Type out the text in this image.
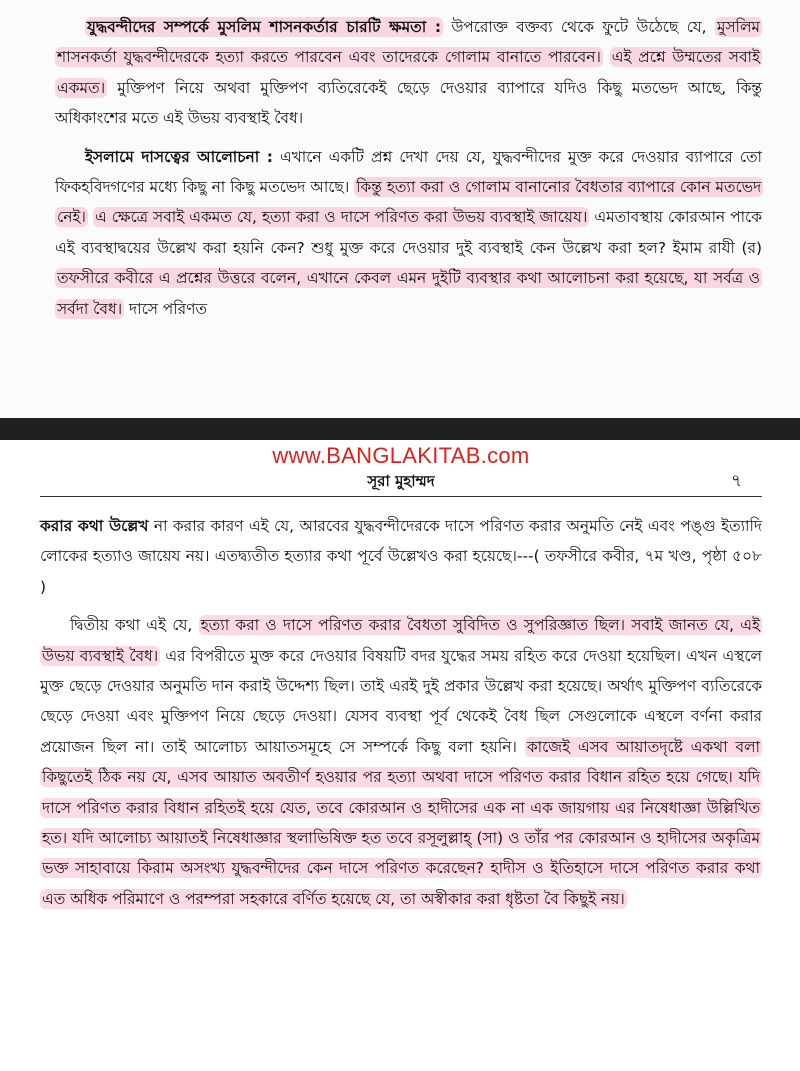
যুদ্ধবন্দীদের সম্পর্কে মুসলিম শাসনকর্তার চারটি ক্ষমতা : উপরোক্ত বক্তব্য থেকে ফুটে উঠেছে যে, মুসলিম শাসনকর্তা যুদ্ধবন্দীদেরকে হত্যা করতে পারবেন এবং তাদেরকে গোলাম বানাতে পারবেন। এই প্রশ্নে উম্মতের সবাই একমত। মুক্তিপণ নিয়ে অথবা মুক্তিপণ ব্যতিরেকেই ছেড়ে দেওয়ার ব্যাপারে যদিও কিছু মতভেদ আছে, কিন্তু অধিকাংশের মতে এই উভয় ব্যবস্থাই বৈধ।

ইসলামে দাসত্বের আলোচনা : এখানে একটি প্রশ্ন দেখা দেয় যে, যুদ্ধবন্দীদের মুক্ত করে দেওয়ার ব্যাপারে তো ফিকহবিদগণের মধ্যে কিছু না কিছু মতভেদ আছে। কিন্তু হত্যা করা ও গোলাম বানানোর বৈধতার ব্যাপারে কোন মতভেদ নেই। এ ক্ষেত্রে সবাই একমত যে, হত্যা করা ও দাসে পরিণত করা উভয় ব্যবস্থাই জায়েয। এমতাবস্থায় কোরআন পাকে এই ব্যবস্থাদ্বয়ের উল্লেখ করা হয়নি কেন? শুধু মুক্ত করে দেওয়ার দুই ব্যবস্থাই কেন উল্লেখ করা হল? ইমাম রাযী (র) তফসীরে কবীরে এ প্রশ্নের উত্তরে বলেন, এখানে কেবল এমন দুইটি ব্যবস্থার কথা আলোচনা করা হয়েছে, যা সর্বত্র ও সর্বদা বৈধ। দাসে পরিণত

www.BANGLAKITAB.com
সূরা মুহাম্মদ	৭

করার কথা উল্লেখ না করার কারণ এই যে, আরবের যুদ্ধবন্দীদেরকে দাসে পরিণত করার অনুমতি নেই এবং পঙ্গু ইত্যাদি লোকের হত্যাও জায়েয নয়। এতদ্ব্যতীত হত্যার কথা পূর্বে উল্লেখও করা হয়েছে।---( তফসীরে কবীর, ৭ম খণ্ড, পৃষ্ঠা ৫০৮ )

দ্বিতীয় কথা এই যে, হত্যা করা ও দাসে পরিণত করার বৈধতা সুবিদিত ও সুপরিজ্ঞাত ছিল। সবাই জানত যে, এই উভয় ব্যবস্থাই বৈধ। এর বিপরীতে মুক্ত করে দেওয়ার বিষয়টি বদর যুদ্ধের সময় রহিত করে দেওয়া হয়েছিল। এখন এস্থলে মুক্ত ছেড়ে দেওয়ার অনুমতি দান করাই উদ্দেশ্য ছিল। তাই এরই দুই প্রকার উল্লেখ করা হয়েছে। অর্থাৎ মুক্তিপণ ব্যতিরেকে ছেড়ে দেওয়া এবং মুক্তিপণ নিয়ে ছেড়ে দেওয়া। যেসব ব্যবস্থা পূর্ব থেকেই বৈধ ছিল সেগুলোকে এস্থলে বর্ণনা করার প্রয়োজন ছিল না। তাই আলোচ্য আয়াতসমূহে সে সম্পর্কে কিছু বলা হয়নি। কাজেই এসব আয়াতদৃষ্টে একথা বলা কিছুতেই ঠিক নয় যে, এসব আয়াত অবতীর্ণ হওয়ার পর হত্যা অথবা দাসে পরিণত করার বিধান রহিত হয়ে গেছে। যদি দাসে পরিণত করার বিধান রহিতই হয়ে যেত, তবে কোরআন ও হাদীসের এক না এক জায়গায় এর নিষেধাজ্ঞা উল্লিখিত হত। যদি আলোচ্য আয়াতই নিষেধাজ্ঞার স্থলাভিষিক্ত হত তবে রসূলুল্লাহ্ (সা) ও তাঁর পর কোরআন ও হাদীসের অকৃত্রিম ভক্ত সাহাবায়ে কিরাম অসংখ্য যুদ্ধবন্দীদের কেন দাসে পরিণত করেছেন? হাদীস ও ইতিহাসে দাসে পরিণত করার কথা এত অধিক পরিমাণে ও পরম্পরা সহকারে বর্ণিত হয়েছে যে, তা অস্বীকার করা ধৃষ্টতা বৈ কিছুই নয়।
